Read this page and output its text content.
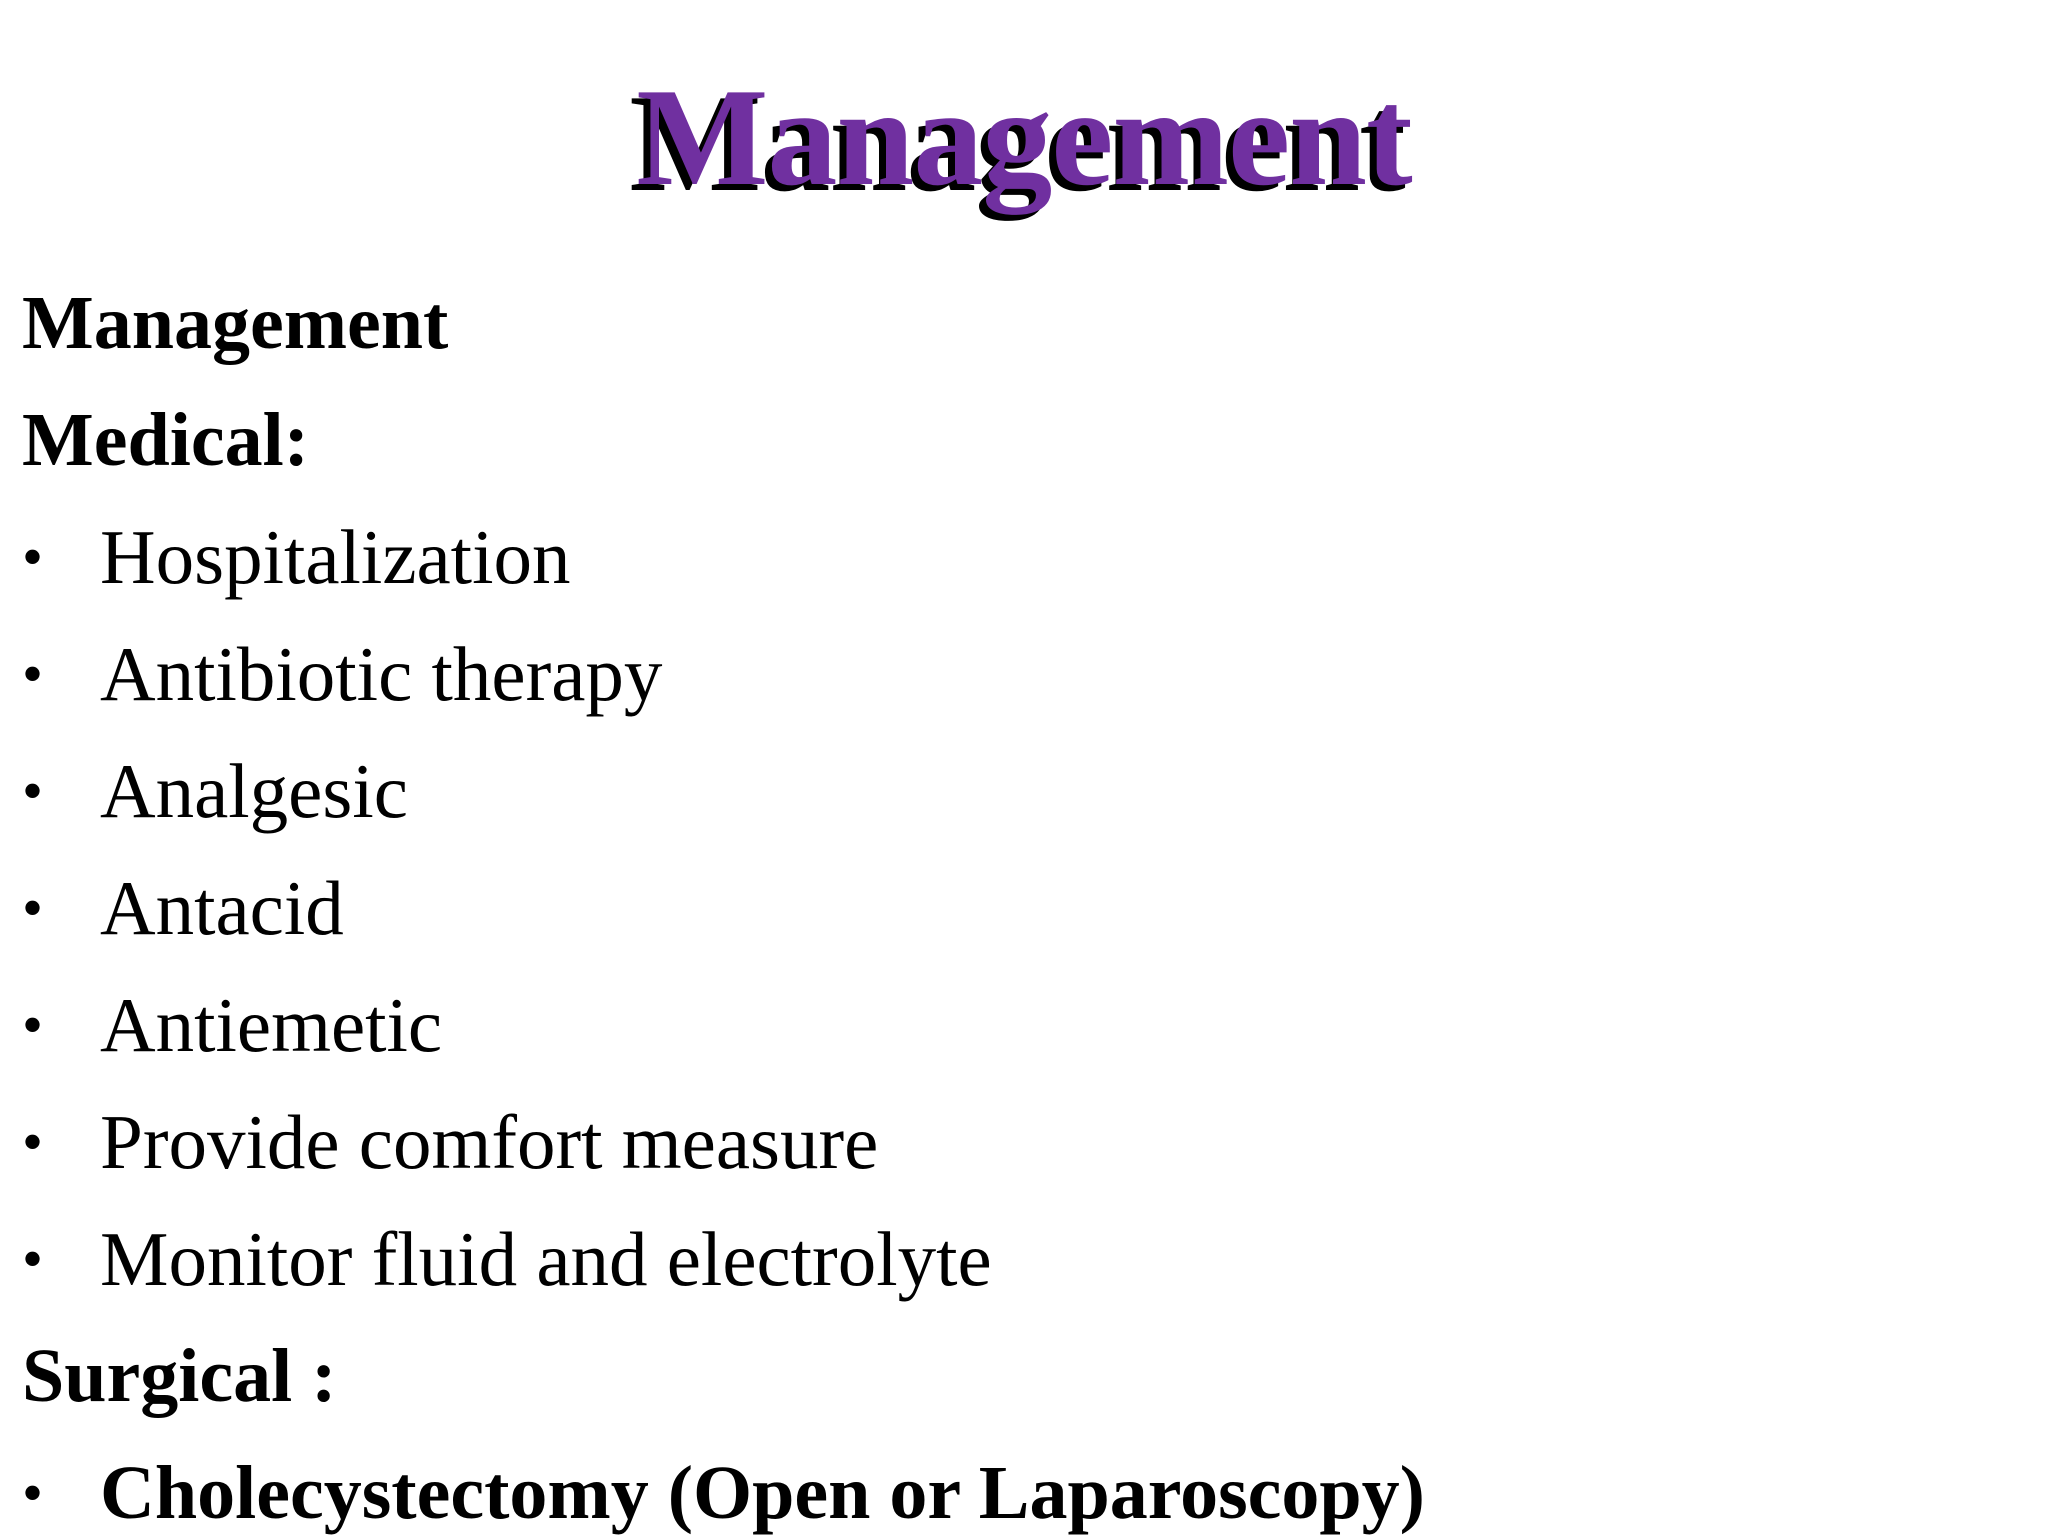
Management
Management
Medical:
• Hospitalization
• Antibiotic therapy
• Analgesic
• Antacid
• Antiemetic
• Provide comfort measure
• Monitor fluid and electrolyte
Surgical :
• Cholecystectomy (Open or Laparoscopy)
